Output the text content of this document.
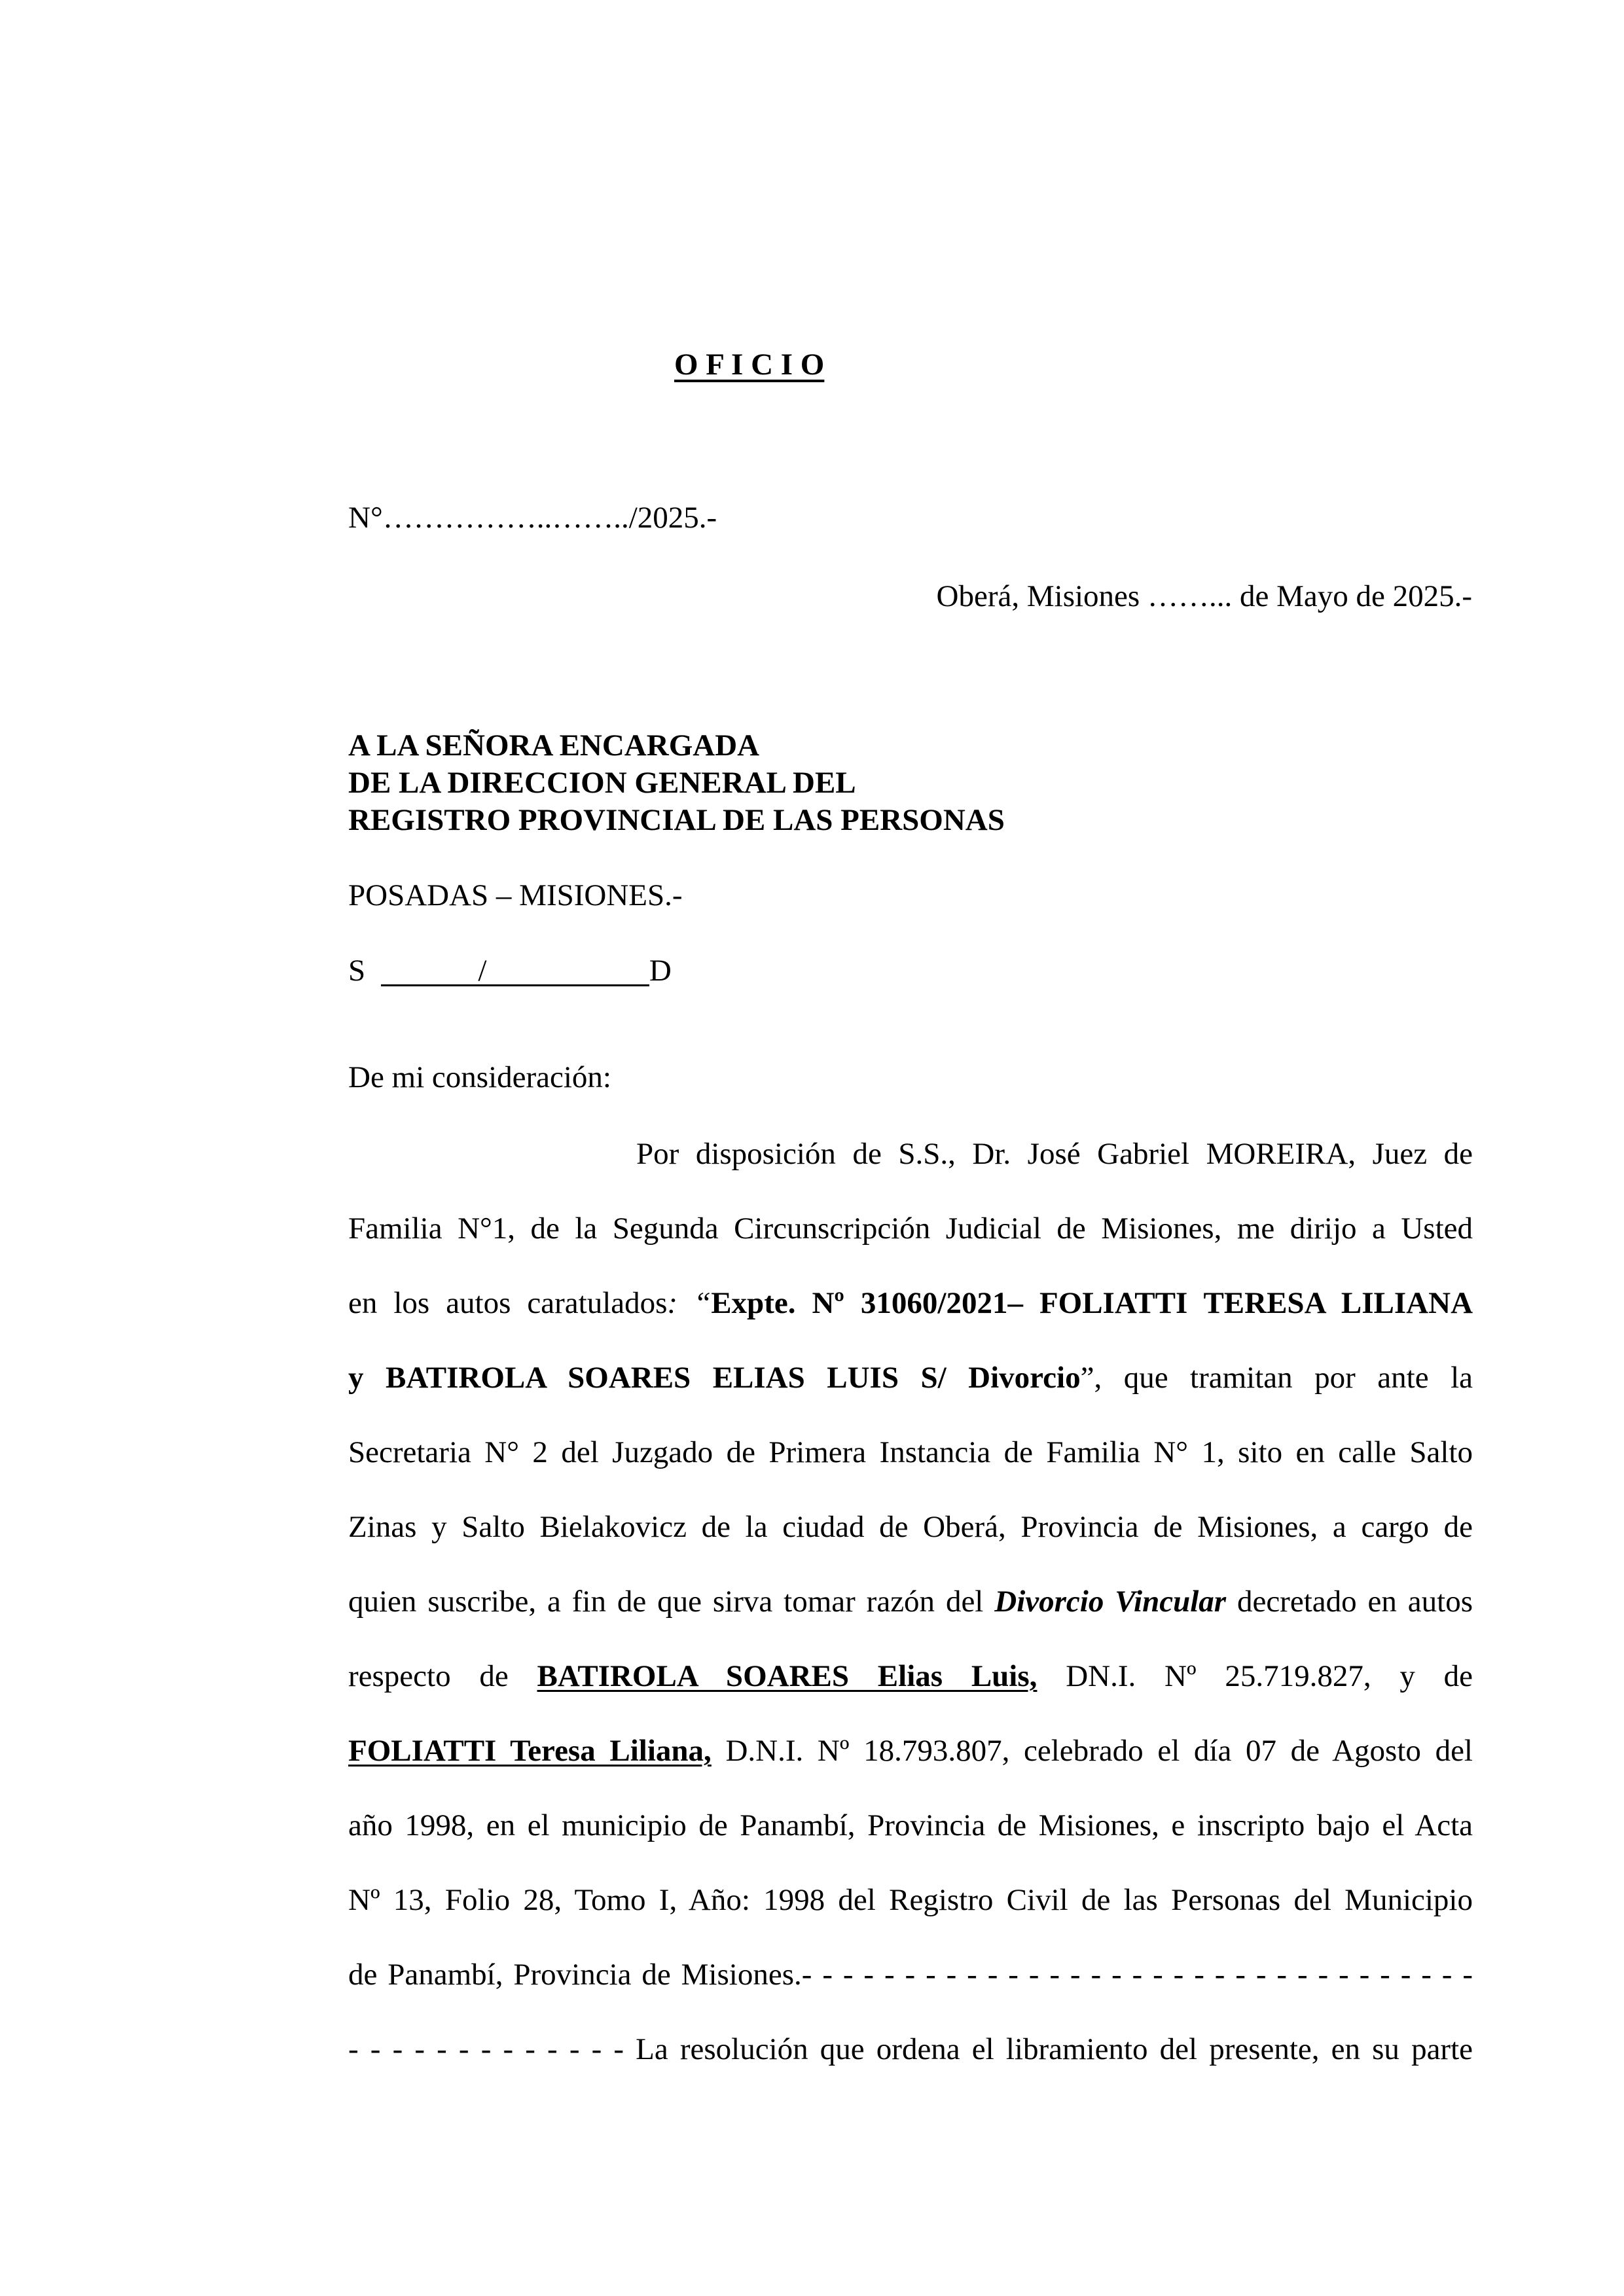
O F I C I O
N°……………..……../2025.-
Oberá, Misiones ……... de Mayo de 2025.-
A LA SEÑORA ENCARGADA
DE LA DIRECCION GENERAL DEL
REGISTRO PROVINCIAL DE LAS PERSONAS
POSADAS – MISIONES.-
S	/	D
De mi consideración:
Por disposición de S.S., Dr. José Gabriel MOREIRA, Juez de
Familia N°1, de la Segunda Circunscripción Judicial de Misiones, me dirijo a Usted
en los autos caratulados: “Expte. Nº 31060/2021– FOLIATTI TERESA LILIANA
y BATIROLA SOARES ELIAS LUIS S/ Divorcio”, que tramitan por ante la
Secretaria N° 2 del Juzgado de Primera Instancia de Familia N° 1, sito en calle Salto
Zinas y Salto Bielakovicz de la ciudad de Oberá, Provincia de Misiones, a cargo de
quien suscribe, a fin de que sirva tomar razón del Divorcio Vincular decretado en autos
respecto de BATIROLA SOARES Elias Luis, DN.I. Nº 25.719.827, y de
FOLIATTI Teresa Liliana, D.N.I. Nº 18.793.807, celebrado el día 07 de Agosto del
año 1998, en el municipio de Panambí, Provincia de Misiones, e inscripto bajo el Acta
Nº 13, Folio 28, Tomo I, Año: 1998 del Registro Civil de las Personas del Municipio
de Panambí, Provincia de Misiones.- - - - - - - - - - - - - - - - - - - - - - - - - - - - - - - - -
- - - - - - - - - - - - - La resolución que ordena el libramiento del presente, en su parte
